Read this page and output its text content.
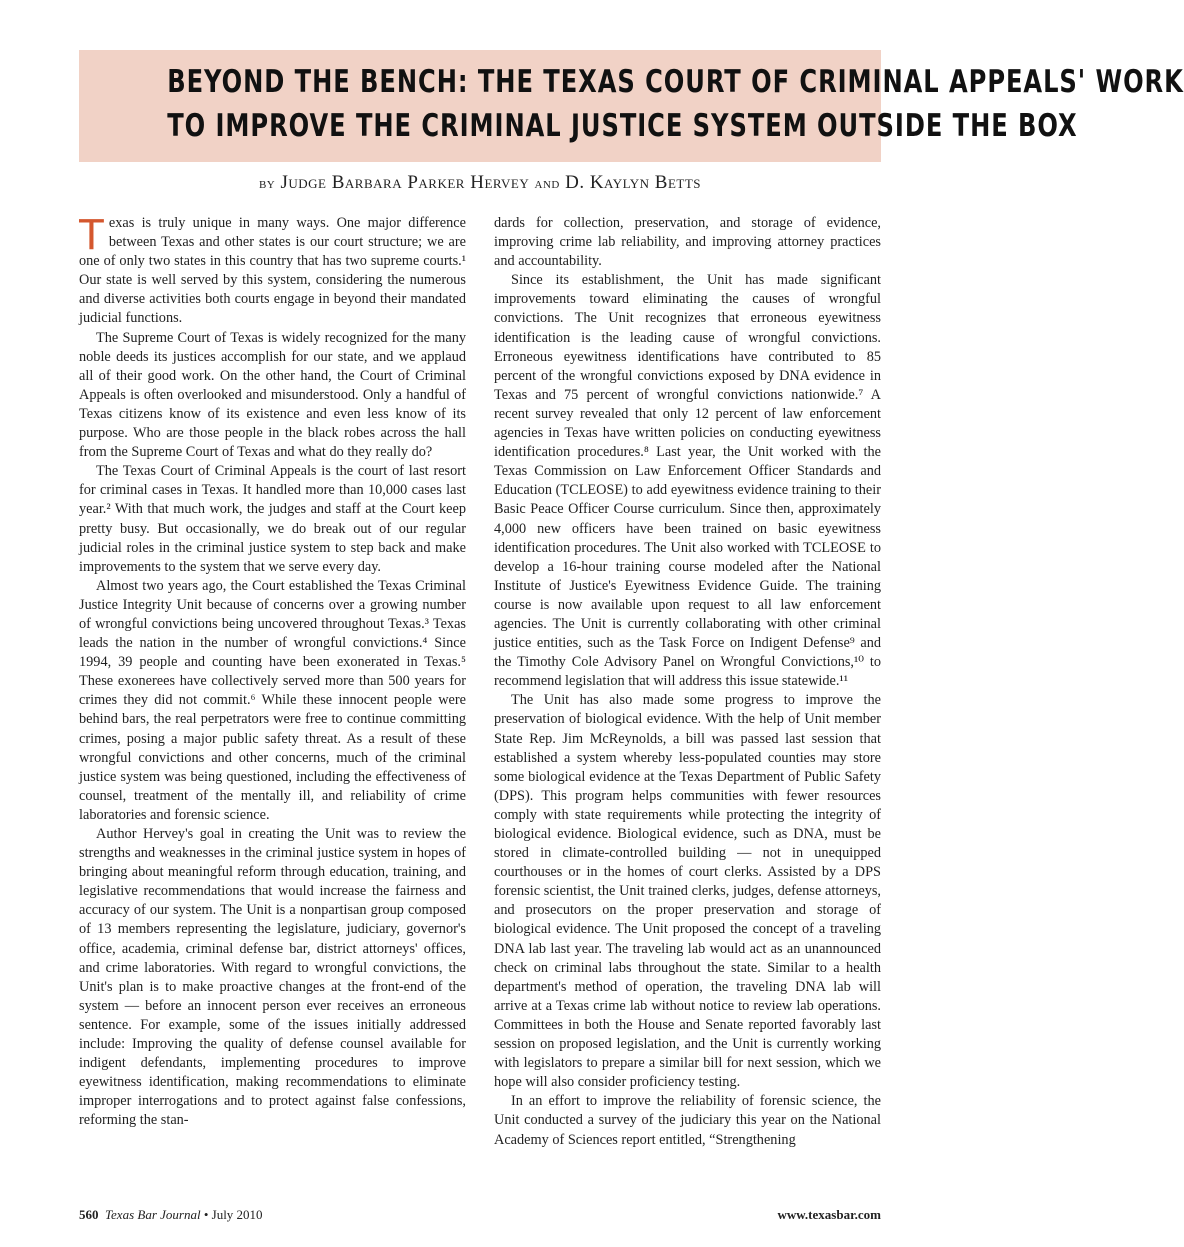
BEYOND THE BENCH: THE TEXAS COURT OF CRIMINAL APPEALS' WORK
TO IMPROVE THE CRIMINAL JUSTICE SYSTEM OUTSIDE THE BOX
by Judge Barbara Parker Hervey and D. Kaylyn Betts

Texas is truly unique in many ways. One major difference between Texas and other states is our court structure; we are one of only two states in this country that has two supreme courts.¹ Our state is well served by this system, considering the numerous and diverse activities both courts engage in beyond their mandated judicial functions.

The Supreme Court of Texas is widely recognized for the many noble deeds its justices accomplish for our state, and we applaud all of their good work. On the other hand, the Court of Criminal Appeals is often overlooked and misunderstood. Only a handful of Texas citizens know of its existence and even less know of its purpose. Who are those people in the black robes across the hall from the Supreme Court of Texas and what do they really do?

The Texas Court of Criminal Appeals is the court of last resort for criminal cases in Texas. It handled more than 10,000 cases last year.² With that much work, the judges and staff at the Court keep pretty busy. But occasionally, we do break out of our regular judicial roles in the criminal justice system to step back and make improvements to the system that we serve every day.

Almost two years ago, the Court established the Texas Criminal Justice Integrity Unit because of concerns over a growing number of wrongful convictions being uncovered throughout Texas.³ Texas leads the nation in the number of wrongful convictions.⁴ Since 1994, 39 people and counting have been exonerated in Texas.⁵ These exonerees have collectively served more than 500 years for crimes they did not commit.⁶ While these innocent people were behind bars, the real perpetrators were free to continue committing crimes, posing a major public safety threat. As a result of these wrongful convictions and other concerns, much of the criminal justice system was being questioned, including the effectiveness of counsel, treatment of the mentally ill, and reliability of crime laboratories and forensic science.

Author Hervey's goal in creating the Unit was to review the strengths and weaknesses in the criminal justice system in hopes of bringing about meaningful reform through education, training, and legislative recommendations that would increase the fairness and accuracy of our system. The Unit is a nonpartisan group composed of 13 members representing the legislature, judiciary, governor's office, academia, criminal defense bar, district attorneys' offices, and crime laboratories. With regard to wrongful convictions, the Unit's plan is to make proactive changes at the front-end of the system — before an innocent person ever receives an erroneous sentence. For example, some of the issues initially addressed include: Improving the quality of defense counsel available for indigent defendants, implementing procedures to improve eyewitness identification, making recommendations to eliminate improper interrogations and to protect against false confessions, reforming the stan-

dards for collection, preservation, and storage of evidence, improving crime lab reliability, and improving attorney practices and accountability.

Since its establishment, the Unit has made significant improvements toward eliminating the causes of wrongful convictions. The Unit recognizes that erroneous eyewitness identification is the leading cause of wrongful convictions. Erroneous eyewitness identifications have contributed to 85 percent of the wrongful convictions exposed by DNA evidence in Texas and 75 percent of wrongful convictions nationwide.⁷ A recent survey revealed that only 12 percent of law enforcement agencies in Texas have written policies on conducting eyewitness identification procedures.⁸ Last year, the Unit worked with the Texas Commission on Law Enforcement Officer Standards and Education (TCLEOSE) to add eyewitness evidence training to their Basic Peace Officer Course curriculum. Since then, approximately 4,000 new officers have been trained on basic eyewitness identification procedures. The Unit also worked with TCLEOSE to develop a 16-hour training course modeled after the National Institute of Justice's Eyewitness Evidence Guide. The training course is now available upon request to all law enforcement agencies. The Unit is currently collaborating with other criminal justice entities, such as the Task Force on Indigent Defense⁹ and the Timothy Cole Advisory Panel on Wrongful Convictions,¹⁰ to recommend legislation that will address this issue statewide.¹¹

The Unit has also made some progress to improve the preservation of biological evidence. With the help of Unit member State Rep. Jim McReynolds, a bill was passed last session that established a system whereby less-populated counties may store some biological evidence at the Texas Department of Public Safety (DPS). This program helps communities with fewer resources comply with state requirements while protecting the integrity of biological evidence. Biological evidence, such as DNA, must be stored in climate-controlled building — not in unequipped courthouses or in the homes of court clerks. Assisted by a DPS forensic scientist, the Unit trained clerks, judges, defense attorneys, and prosecutors on the proper preservation and storage of biological evidence. The Unit proposed the concept of a traveling DNA lab last year. The traveling lab would act as an unannounced check on criminal labs throughout the state. Similar to a health department's method of operation, the traveling DNA lab will arrive at a Texas crime lab without notice to review lab operations. Committees in both the House and Senate reported favorably last session on proposed legislation, and the Unit is currently working with legislators to prepare a similar bill for next session, which we hope will also consider proficiency testing.

In an effort to improve the reliability of forensic science, the Unit conducted a survey of the judiciary this year on the National Academy of Sciences report entitled, “Strengthening

560 Texas Bar Journal • July 2010	www.texasbar.com
